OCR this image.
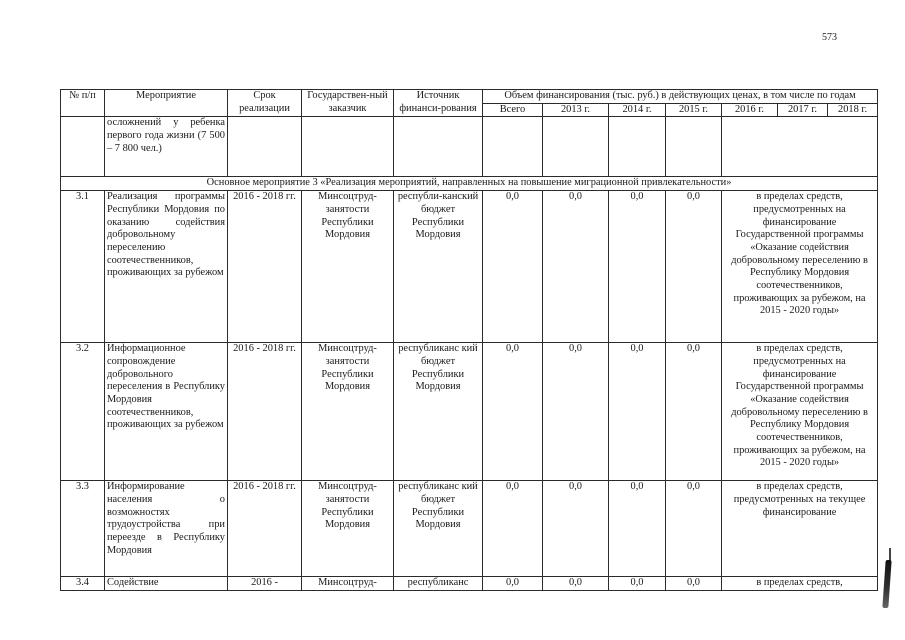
573
№ п/п	Мероприятие	Срок реализации	Государствен-ный заказчик	Источник финанси-рования	Объем финансирования (тыс. руб.) в действующих ценах, в том числе по годам						
					Всего	2013 г.	2014 г.	2015 г.	2016 г.	2017 г.	2018 г.
	осложнений у ребенка первого года жизни (7 500 – 7 800 чел.)										
Основное мероприятие 3 «Реализация мероприятий, направленных на повышение миграционной привлекательности»											
3.1	Реализация программы Республики Мордовия по оказанию содействия добровольному переселению соотечественников, проживающих за рубежом	2016 - 2018 гг.	Минсоцтруд-занятости Республики Мордовия	республи-канский бюджет Республики Мордовия	0,0	0,0	0,0	0,0	в пределах средств, предусмотренных на финансирование Государственной программы «Оказание содействия добровольному переселению в Республику Мордовия соотечественников, проживающих за рубежом, на 2015 - 2020 годы»		
3.2	Информационное сопровождение добровольного переселения в Республику Мордовия соотечественников, проживающих за рубежом	2016 - 2018 гг.	Минсоцтруд-занятости Республики Мордовия	республиканс кий бюджет Республики Мордовия	0,0	0,0	0,0	0,0	в пределах средств, предусмотренных на финансирование Государственной программы «Оказание содействия добровольному переселению в Республику Мордовия соотечественников, проживающих за рубежом, на 2015 - 2020 годы»		
3.3	Информирование населения о возможностях трудоустройства при переезде в Республику Мордовия	2016 - 2018 гг.	Минсоцтруд-занятости Республики Мордовия	республиканс кий бюджет Республики Мордовия	0,0	0,0	0,0	0,0	в пределах средств, предусмотренных на текущее финансирование		
3.4	Содействие	2016 -	Минсоцтруд-	республиканс	0,0	0,0	0,0	0,0	в пределах средств,		
